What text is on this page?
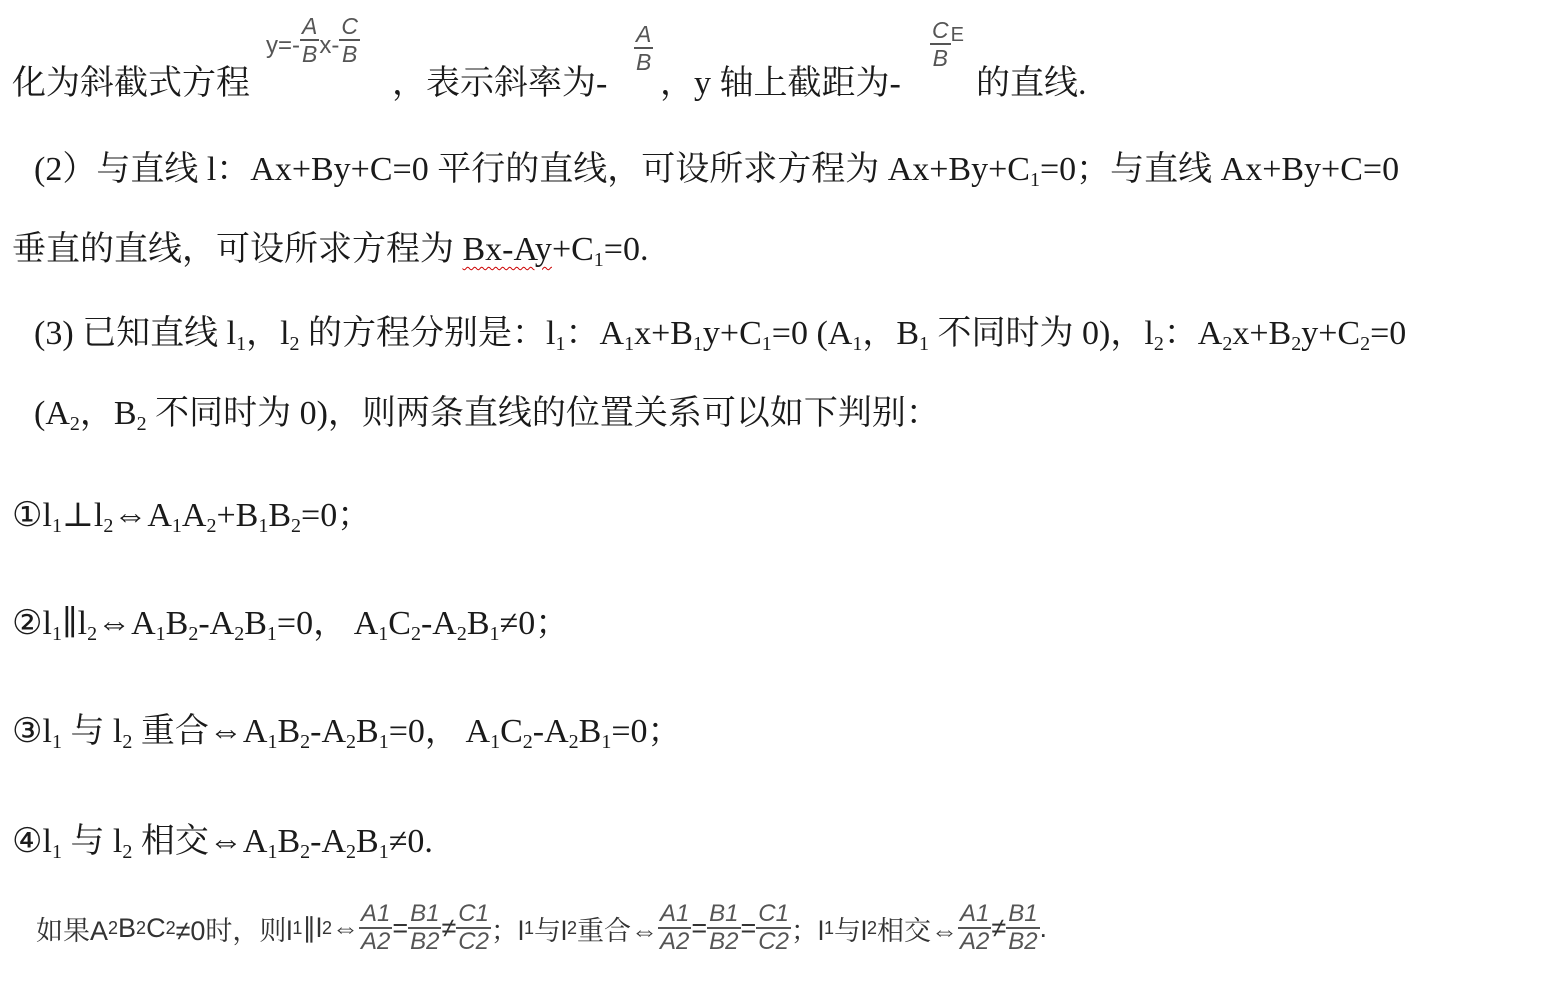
化为斜截式方程
$y=- \frac{A}{B} x- \frac{C}{B}$
，表示斜率为-
$\frac{A}{B}$
，y 轴上截距为-
$\frac{C}{B}$ E
的直线.
(2）与直线 l：Ax+By+C=0 平行的直线，可设所求方程为 $Ax+By+C_1=0$；与直线 Ax+By+C=0
垂直的直线，可设所求方程为 $Bx-Ay+C_1=0$.
(3) 已知直线 $l_1$，$l_2$ 的方程分别是：$l_1$：$A_1x+B_1y+C_1=0$ ($A_1$，$B_1$ 不同时为 0)，$l_2$：$A_2x+B_2y+C_2=0$
($A_2$，$B_2$ 不同时为 0)，则两条直线的位置关系可以如下判别：
$①l_1\perp l_2\Leftrightarrow A_1A_2+B_1B_2=0$；
$②l_1\parallel l_2\Leftrightarrow A_1B_2-A_2B_1=0$， $A_1C_2-A_2B_1\ne 0$；
$③l_1$ 与 $l_2$ 重合$\Leftrightarrow A_1B_2-A_2B_1=0$， $A_1C_2-A_2B_1=0$；
$④l_1$ 与 $l_2$ 相交$\Leftrightarrow A_1B_2-A_2B_1\ne 0$.
如果A 2 B 2 C 2 ≠0时，则l 1 ∥l 2 ⇔ $\frac{A1}{A2} = \frac{B1}{B2} \ne \frac{C1}{C2}$ ；l 1 与l 2 重合⇔ $\frac{A1}{A2} = \frac{B1}{B2} = \frac{C1}{C2}$ ；l 1 与l 2 相交⇔ $\frac{A1}{A2} \ne \frac{B1}{B2}$ .
